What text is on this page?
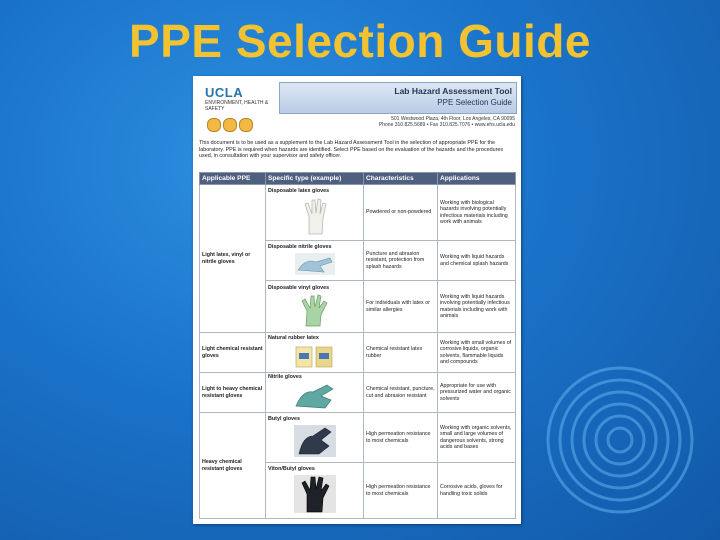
PPE Selection Guide
UCLA
ENVIRONMENT, HEALTH & SAFETY
Lab Hazard Assessment Tool
PPE Selection Guide
501 Westwood Plaza, 4th Floor, Los Angeles, CA 90095
Phone 310.825.5689 • Fax 310.825.7076 • www.ehs.ucla.edu
This document is to be used as a supplement to the Lab Hazard Assessment Tool in the selection of appropriate PPE for the laboratory. PPE is required when hazards are identified. Select PPE based on the evaluation of the hazards and the procedures used, in consultation with your supervisor and safety officer.
Applicable PPE	Specific type (example)	Characteristics	Applications
Light latex, vinyl or nitrile gloves	Disposable latex gloves	Powdered or non-powdered	Working with biological hazards involving potentially infectious materials including work with animals

	Disposable nitrile gloves	Puncture and abrasion resistant, protection from splash hazards	Working with liquid hazards and chemical splash hazards

	Disposable vinyl gloves	For individuals with latex or similar allergies	Working with liquid hazards involving potentially infectious materials including work with animals
Light chemical resistant gloves	Natural rubber latex	Chemical resistant latex rubber	Working with small volumes of corrosive liquids, organic solvents, flammable liquids and compounds
Light to heavy chemical resistant gloves	Nitrile gloves	Chemical resistant, puncture, cut and abrasion resistant	Appropriate for use with pressurized water and organic solvents
Heavy chemical resistant gloves	Butyl gloves	High permeation resistance to most chemicals	Working with organic solvents, small and large volumes of dangerous solvents, strong acids and bases

	Viton/Butyl gloves	High permeation resistance to most chemicals	Corrosive acids, gloves for handling toxic solids
